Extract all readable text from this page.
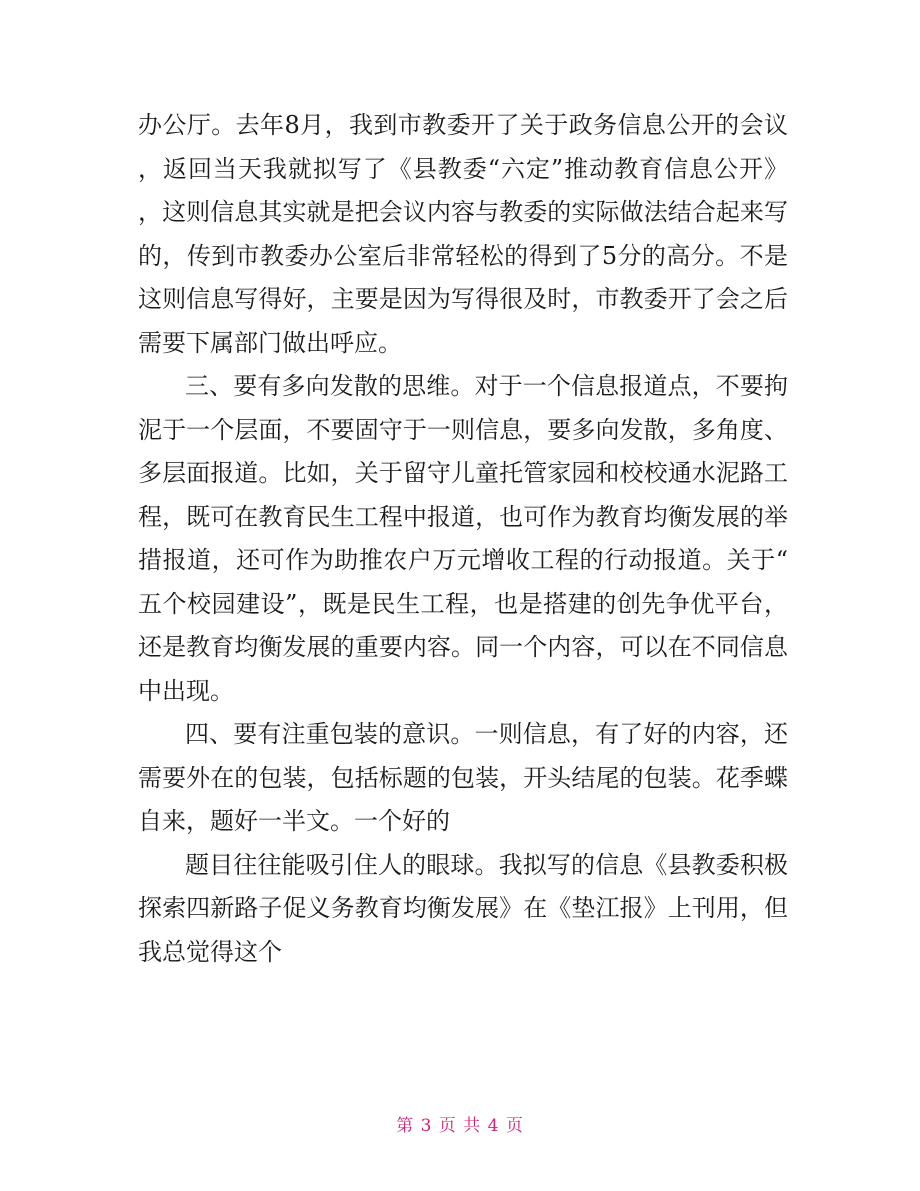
办公厅。去年8月，我到市教委开了关于政务信息公开的会议
，返回当天我就拟写了《县教委“六定”推动教育信息公开》
，这则信息其实就是把会议内容与教委的实际做法结合起来写
的，传到市教委办公室后非常轻松的得到了5分的高分。不是
这则信息写得好，主要是因为写得很及时，市教委开了会之后
需要下属部门做出呼应。
三、要有多向发散的思维。对于一个信息报道点，不要拘
泥于一个层面，不要固守于一则信息，要多向发散，多角度、
多层面报道。比如，关于留守儿童托管家园和校校通水泥路工
程，既可在教育民生工程中报道，也可作为教育均衡发展的举
措报道，还可作为助推农户万元增收工程的行动报道。关于“
五个校园建设”，既是民生工程，也是搭建的创先争优平台，
还是教育均衡发展的重要内容。同一个内容，可以在不同信息
中出现。
四、要有注重包装的意识。一则信息，有了好的内容，还
需要外在的包装，包括标题的包装，开头结尾的包装。花季蝶
自来，题好一半文。一个好的
题目往往能吸引住人的眼球。我拟写的信息《县教委积极
探索四新路子促义务教育均衡发展》在《垫江报》上刊用，但
我总觉得这个
第 3 页 共 4 页
